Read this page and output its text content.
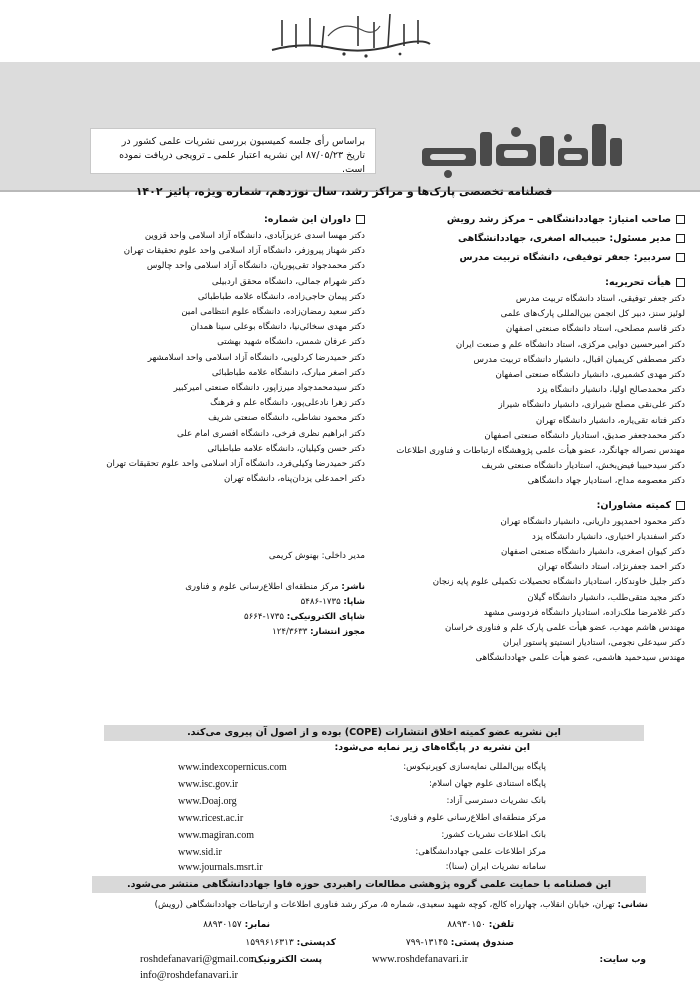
براساس رأی جلسه کمیسیون بررسی نشریات علمی کشور در تاریخ ۸۷/۰۵/۲۳ این نشریه اعتبار علمی ـ ترویجی دریافت نموده است.
فصلنامه تخصصی پارک‌ها و مراکز رشد، سال نوزدهم، شماره ویژه، پائیز ۱۴۰۲
صاحب امتیاز: جهاددانشگاهی – مرکز رشد رویش
مدیر مسئول: حبیب‌اله اصغری، جهاددانشگاهی
سردبیر: جعفر توفیقی، دانشگاه تربیت مدرس
هیأت تحریریه:
دکتر جعفر توفیقی، استاد دانشگاه تربیت مدرس
لوئیز سنز، دبیر کل انجمن بین‌المللی پارک‌های علمی
دکتر قاسم مصلحی، استاد دانشگاه صنعتی اصفهان
دکتر امیرحسین دوایی مرکزی، استاد دانشگاه علم و صنعت ایران
دکتر مصطفی کریمیان اقبال، دانشیار دانشگاه تربیت مدرس
دکتر مهدی کشمیری، دانشیار دانشگاه صنعتی اصفهان
دکتر محمدصالح اولیا، دانشیار دانشگاه یزد
دکتر علی‌نقی مصلح شیرازی، دانشیار دانشگاه شیراز
دکتر فتانه تقی‌یاره، دانشیار دانشگاه تهران
دکتر محمدجعفر صدیق، استادیار دانشگاه صنعتی اصفهان
مهندس نصراله جهانگرد، عضو هیأت علمی پژوهشگاه ارتباطات و فناوری اطلاعات
دکتر سیدحبیبا فیض‌بخش، استادیار دانشگاه صنعتی شریف
دکتر معصومه مداح، استادیار جهاد دانشگاهی
کمیته مشاوران:
دکتر محمود احمدپور داریانی، دانشیار دانشگاه تهران
دکتر اسفندیار اختیاری، دانشیار دانشگاه یزد
دکتر کیوان اصغری، دانشیار دانشگاه صنعتی اصفهان
دکتر احمد جعفرنژاد، استاد دانشگاه تهران
دکتر جلیل خاوندکار، استادیار دانشگاه تحصیلات تکمیلی علوم پایه زنجان
دکتر مجید متقی‌طلب، دانشیار دانشگاه گیلان
دکتر غلامرضا ملک‌زاده، استادیار دانشگاه فردوسی مشهد
مهندس هاشم مهدب، عضو هیأت علمی پارک علم و فناوری خراسان
دکتر سیدعلی نجومی، استادیار انستیتو پاستور ایران
مهندس سیدحمید هاشمی، عضو هیأت علمی جهاددانشگاهی
داوران این شماره:
دکتر مهسا اسدی عزیزآبادی، دانشگاه آزاد اسلامی واحد قزوین
دکتر شهناز پیروزفر، دانشگاه آزاد اسلامی واحد علوم تحقیقات تهران
دکتر محمدجواد تقی‌پوریان، دانشگاه آزاد اسلامی واحد چالوس
دکتر شهرام جمالی، دانشگاه محقق اردبیلی
دکتر پیمان حاجی‌زاده، دانشگاه علامه طباطبائی
دکتر سعید رمضان‌زاده، دانشگاه علوم انتظامی امین
دکتر مهدی سخائی‌نیا، دانشگاه بوعلی سینا همدان
دکتر عرفان شمس، دانشگاه شهید بهشتی
دکتر حمیدرضا کردلویی، دانشگاه آزاد اسلامی واحد اسلامشهر
دکتر اصغر مبارک، دانشگاه علامه طباطبائی
دکتر سیدمحمدجواد میرزاپور، دانشگاه صنعتی امیرکبیر
دکتر زهرا نادعلی‌پور، دانشگاه علم و فرهنگ
دکتر محمود نشاطی، دانشگاه صنعتی شریف
دکتر ابراهیم نظری فرخی، دانشگاه افسری امام علی
دکتر حسن وکیلیان، دانشگاه علامه طباطبائی
دکتر حمیدرضا وکیلی‌فرد، دانشگاه آزاد اسلامی واحد علوم تحقیقات تهران
دکتر احمدعلی یزدان‌پناه، دانشگاه تهران
مدیر داخلی: بهنوش کریمی
ناشر: مرکز منطقه‌ای اطلاع‌رسانی علوم و فناوری
شاپا: ۱۷۳۵-۵۴۸۶
شاپای الکترونیکی: ۱۷۳۵-۵۶۶۴
مجوز انتشار: ۱۲۴/۳۶۳۳
این نشریه عضو کمیته اخلاق انتشارات (COPE) بوده و از اصول آن پیروی می‌کند.
این نشریه در پایگاه‌های زیر نمایه می‌شود:
پایگاه بین‌المللی نمایه‌سازی کوپرنیکوس:
www.indexcopernicus.com
پایگاه استنادی علوم جهان اسلام:
www.isc.gov.ir
بانک نشریات دسترسی آزاد:
www.Doaj.org
مرکز منطقه‌ای اطلاع‌رسانی علوم و فناوری:
www.ricest.ac.ir
بانک اطلاعات نشریات کشور:
www.magiran.com
مرکز اطلاعات علمی جهاددانشگاهی:
www.sid.ir
سامانه نشریات ایران (سنا):
www.journals.msrt.ir
این فصلنامه با حمایت علمی گروه پژوهشی مطالعات راهبردی حوزه فاوا جهاددانشگاهی منتشر می‌شود.
نشانی: تهران، خیابان انقلاب، چهارراه کالج، کوچه شهید سعیدی، شماره ۵، مرکز رشد فناوری اطلاعات و ارتباطات جهاددانشگاهی (رویش)
تلفن: ۸۸۹۳۰۱۵۰
نمابر: ۸۸۹۳۰۱۵۷
صندوق پستی: ۱۳۱۴۵-۷۹۹
کدپستی: ۱۵۹۹۶۱۶۳۱۳
وب سایت:
www.roshdefanavari.ir
پست الکترونیک:
roshdefanavari@gmail.com
info@roshdefanavari.ir
